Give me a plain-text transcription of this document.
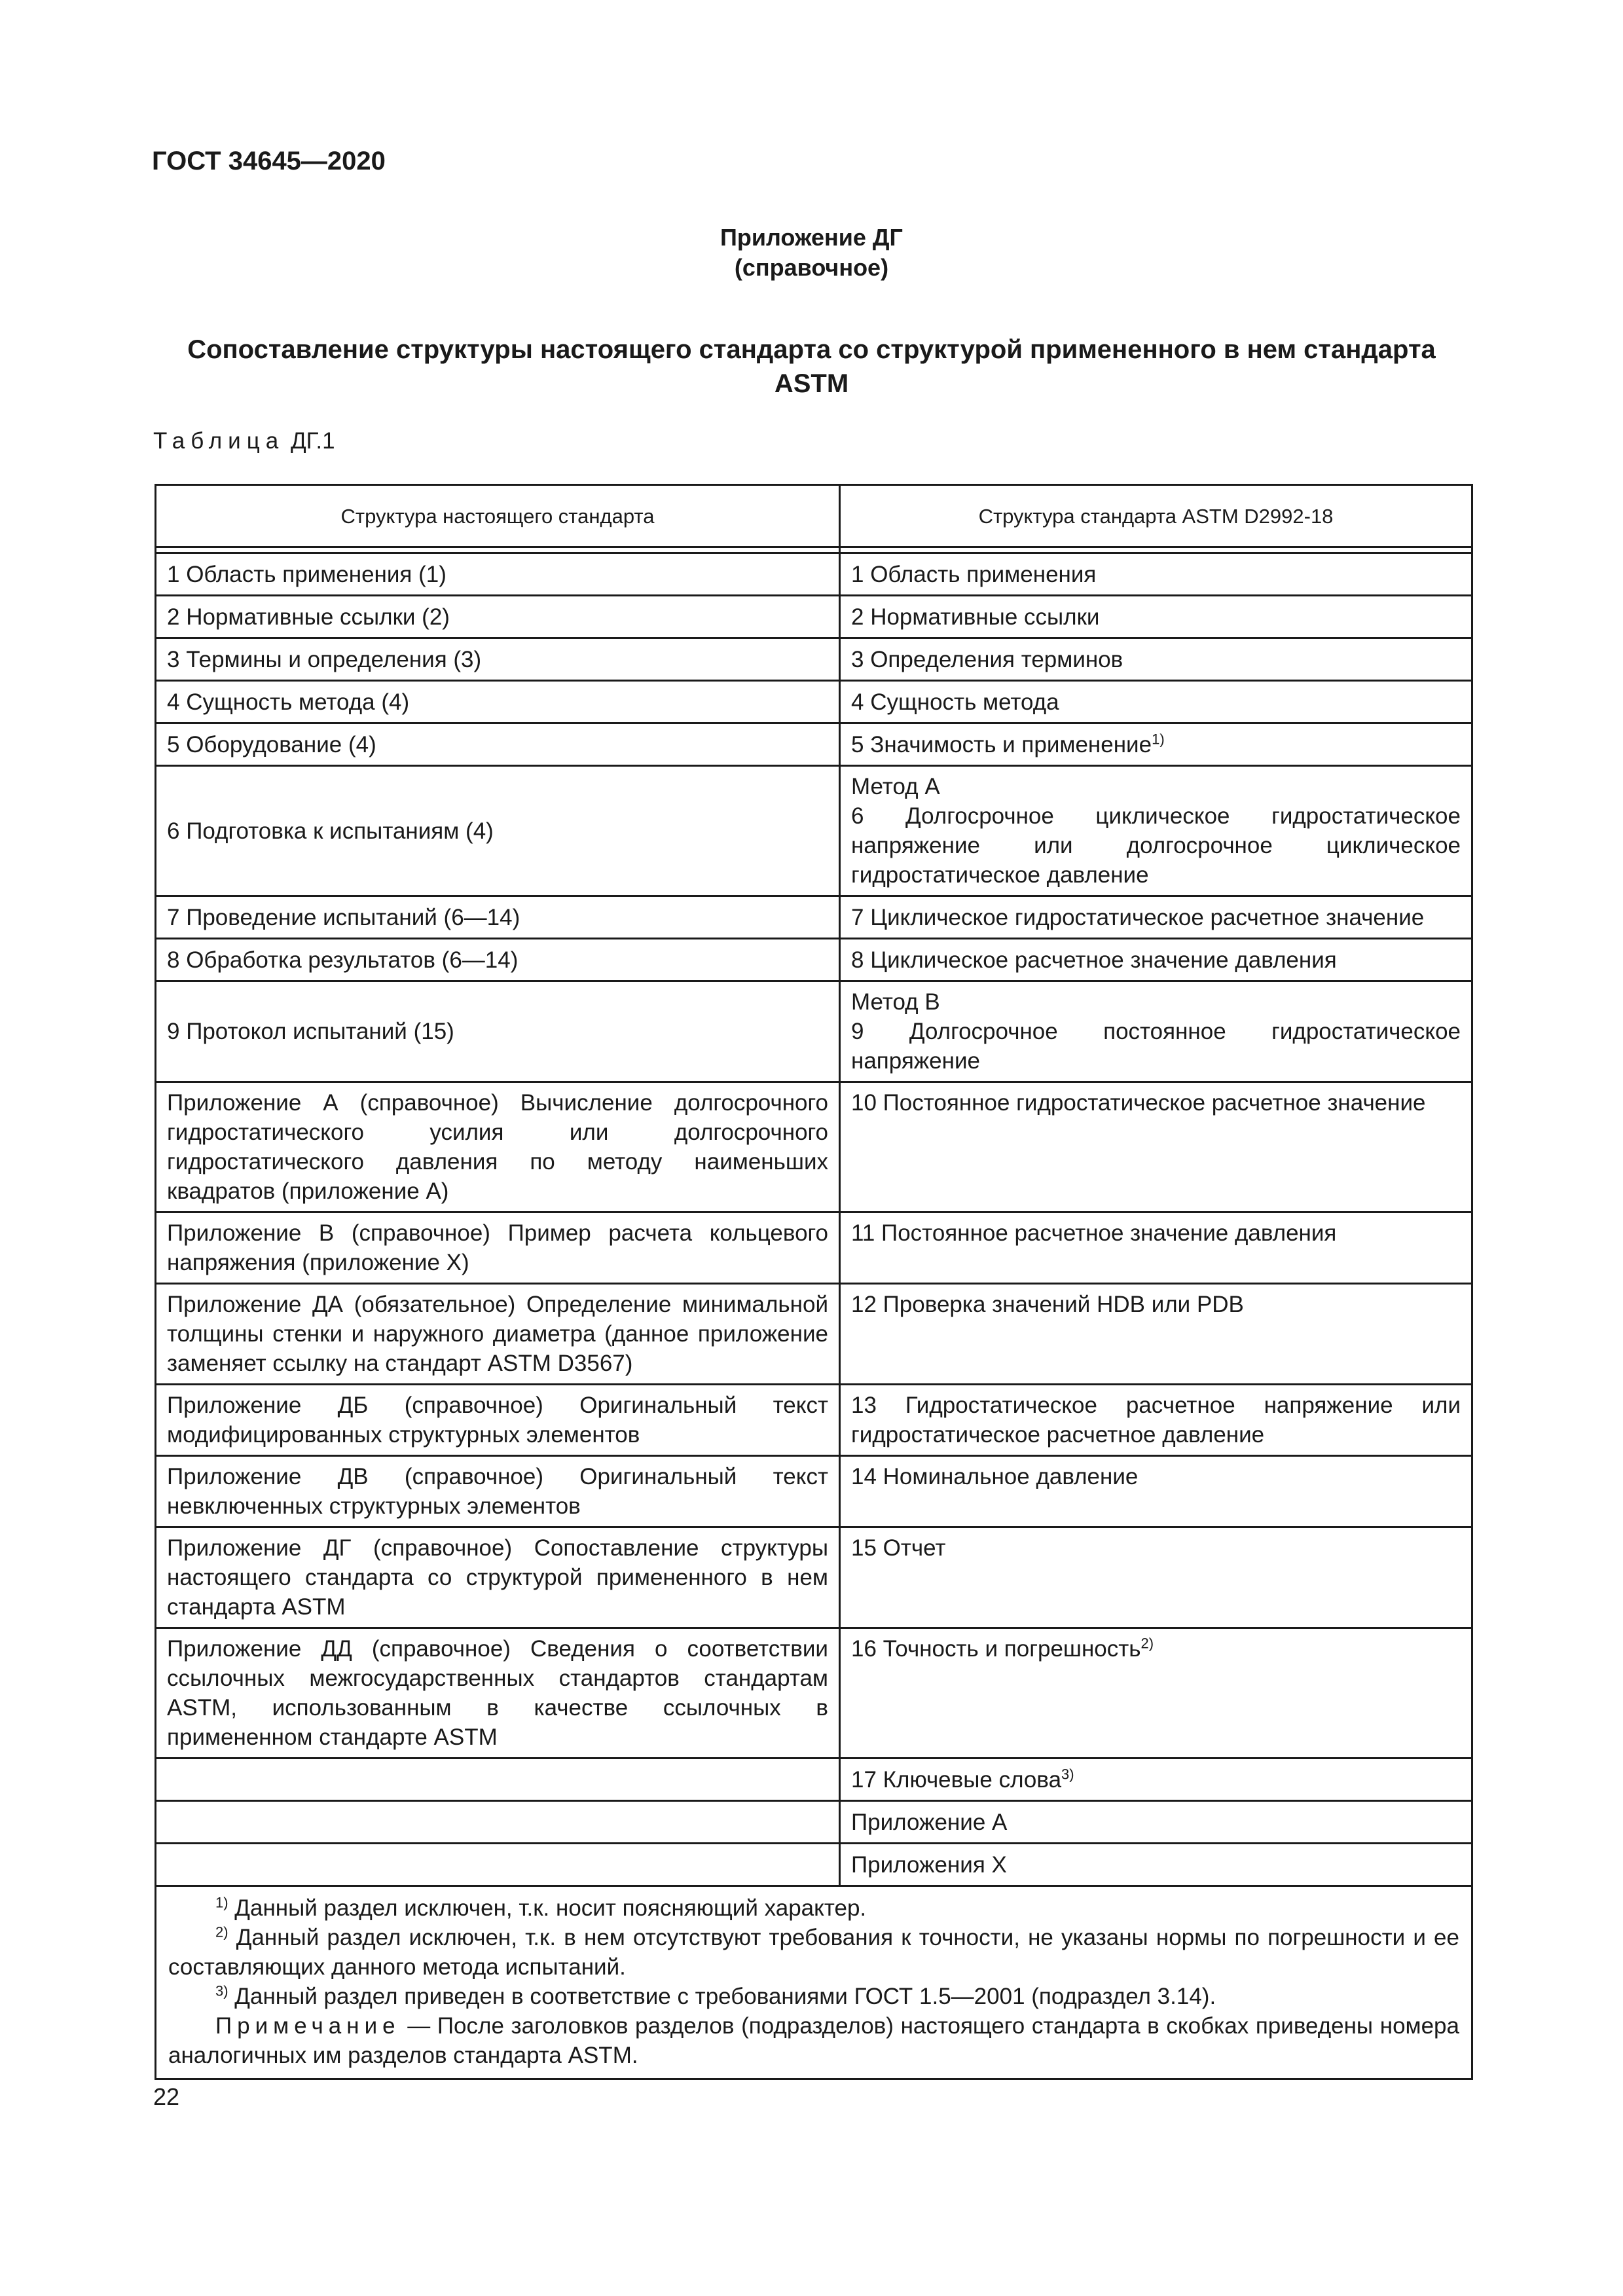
ГОСТ 34645—2020

Приложение ДГ
(справочное)
Сопоставление структуры настоящего стандарта со структурой примененного в нем стандарта ASTM

Таблица ДГ.1

Структура настоящего стандарта	Структура стандарта ASTM D2992-18

1 Область применения (1)	1 Область применения
2 Нормативные ссылки (2)	2 Нормативные ссылки
3 Термины и определения (3)	3 Определения терминов
4 Сущность метода (4)	4 Сущность метода
5 Оборудование (4)	5 Значимость и применение$^{1)}$
6 Подготовка к испытаниям (4)	Метод А
6 Долгосрочное циклическое гидростатическое напряжение или долгосрочное циклическое гидростатическое давление
7 Проведение испытаний (6—14)	7 Циклическое гидростатическое расчетное значение
8 Обработка результатов (6—14)	8 Циклическое расчетное значение давления
9 Протокол испытаний (15)	Метод В
9 Долгосрочное постоянное гидростатическое напряжение
Приложение А (справочное) Вычисление долгосрочного гидростатического усилия или долгосрочного гидростатического давления по методу наименьших квадратов (приложение А)	10 Постоянное гидростатическое расчетное значение
Приложение В (справочное) Пример расчета кольцевого напряжения (приложение Х)	11 Постоянное расчетное значение давления
Приложение ДА (обязательное) Определение минимальной толщины стенки и наружного диаметра (данное приложение заменяет ссылку на стандарт ASTM D3567)	12 Проверка значений HDB или PDB
Приложение ДБ (справочное) Оригинальный текст модифицированных структурных элементов	13 Гидростатическое расчетное напряжение или гидростатическое расчетное давление
Приложение ДВ (справочное) Оригинальный текст невключенных структурных элементов	14 Номинальное давление
Приложение ДГ (справочное) Сопоставление структуры настоящего стандарта со структурой примененного в нем стандарта ASTM	15 Отчет
Приложение ДД (справочное) Сведения о соответствии ссылочных межгосударственных стандартов стандартам ASTM, использованным в качестве ссылочных в примененном стандарте ASTM	16 Точность и погрешность$^{2)}$
	17 Ключевые слова$^{3)}$
	Приложение А
	Приложения Х

$^{1)}$ Данный раздел исключен, т.к. носит поясняющий характер.

$^{2)}$ Данный раздел исключен, т.к. в нем отсутствуют требования к точности, не указаны нормы по погрешности и ее составляющих данного метода испытаний.

$^{3)}$ Данный раздел приведен в соответствие с требованиями ГОСТ 1.5—2001 (подраздел 3.14).

Примечание — После заголовков разделов (подразделов) настоящего стандарта в скобках приведены номера аналогичных им разделов стандарта ASTM.	

22
